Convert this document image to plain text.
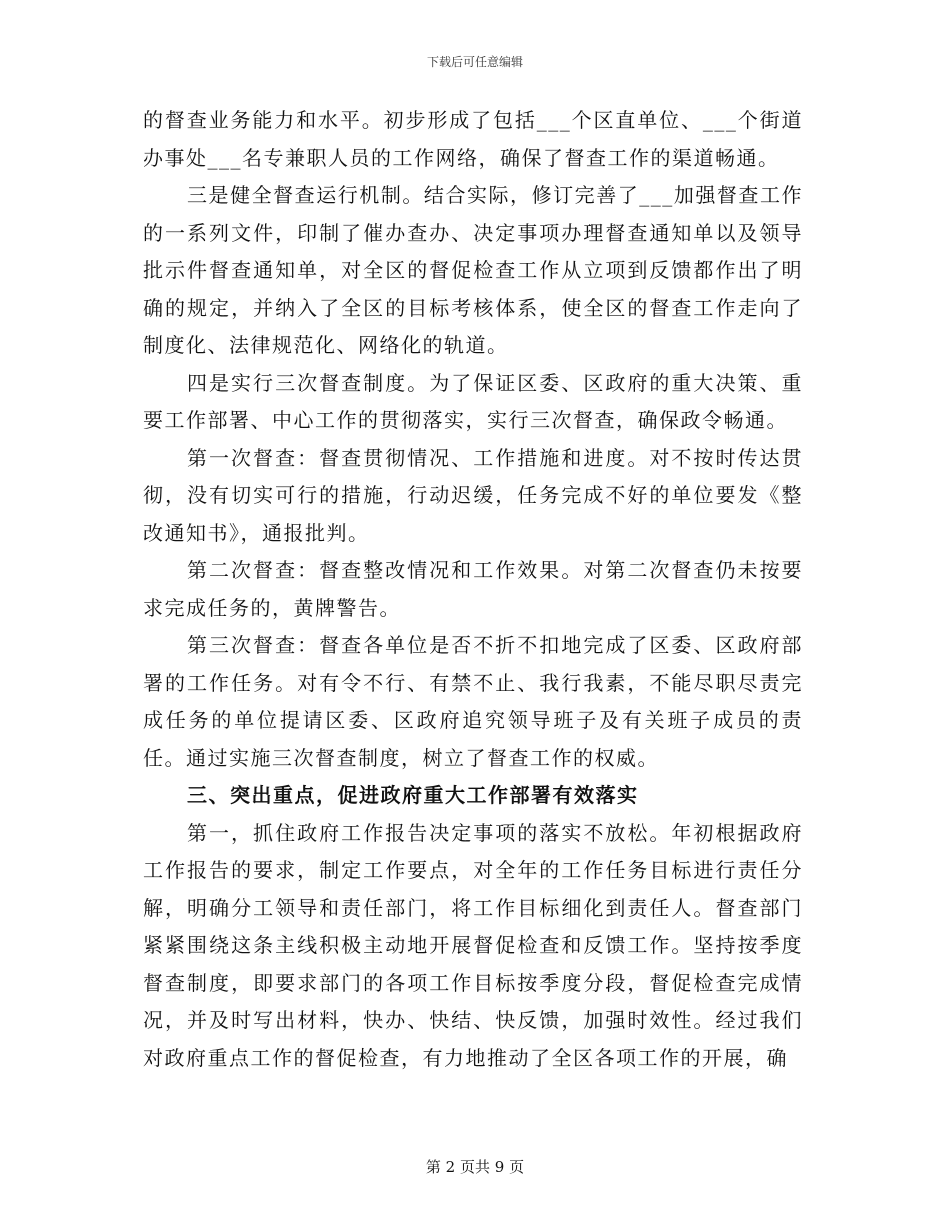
下载后可任意编辑

的督查业务能力和水平。初步形成了包括___个区直单位、___个街道办事处___名专兼职人员的工作网络，确保了督查工作的渠道畅通。

三是健全督查运行机制。结合实际，修订完善了___加强督查工作的一系列文件，印制了催办查办、决定事项办理督查通知单以及领导批示件督查通知单，对全区的督促检查工作从立项到反馈都作出了明确的规定，并纳入了全区的目标考核体系，使全区的督查工作走向了制度化、法律规范化、网络化的轨道。

四是实行三次督查制度。为了保证区委、区政府的重大决策、重要工作部署、中心工作的贯彻落实，实行三次督查，确保政令畅通。

第一次督查：督查贯彻情况、工作措施和进度。对不按时传达贯彻，没有切实可行的措施，行动迟缓，任务完成不好的单位要发《整改通知书》，通报批判。

第二次督查：督查整改情况和工作效果。对第二次督查仍未按要求完成任务的，黄牌警告。

第三次督查：督查各单位是否不折不扣地完成了区委、区政府部署的工作任务。对有令不行、有禁不止、我行我素，不能尽职尽责完成任务的单位提请区委、区政府追究领导班子及有关班子成员的责任。通过实施三次督查制度，树立了督查工作的权威。

三、突出重点，促进政府重大工作部署有效落实

第一，抓住政府工作报告决定事项的落实不放松。年初根据政府工作报告的要求，制定工作要点，对全年的工作任务目标进行责任分解，明确分工领导和责任部门，将工作目标细化到责任人。督查部门紧紧围绕这条主线积极主动地开展督促检查和反馈工作。坚持按季度督查制度，即要求部门的各项工作目标按季度分段，督促检查完成情况，并及时写出材料，快办、快结、快反馈，加强时效性。经过我们对政府重点工作的督促检查，有力地推动了全区各项工作的开展，确

第 2 页共 9 页
